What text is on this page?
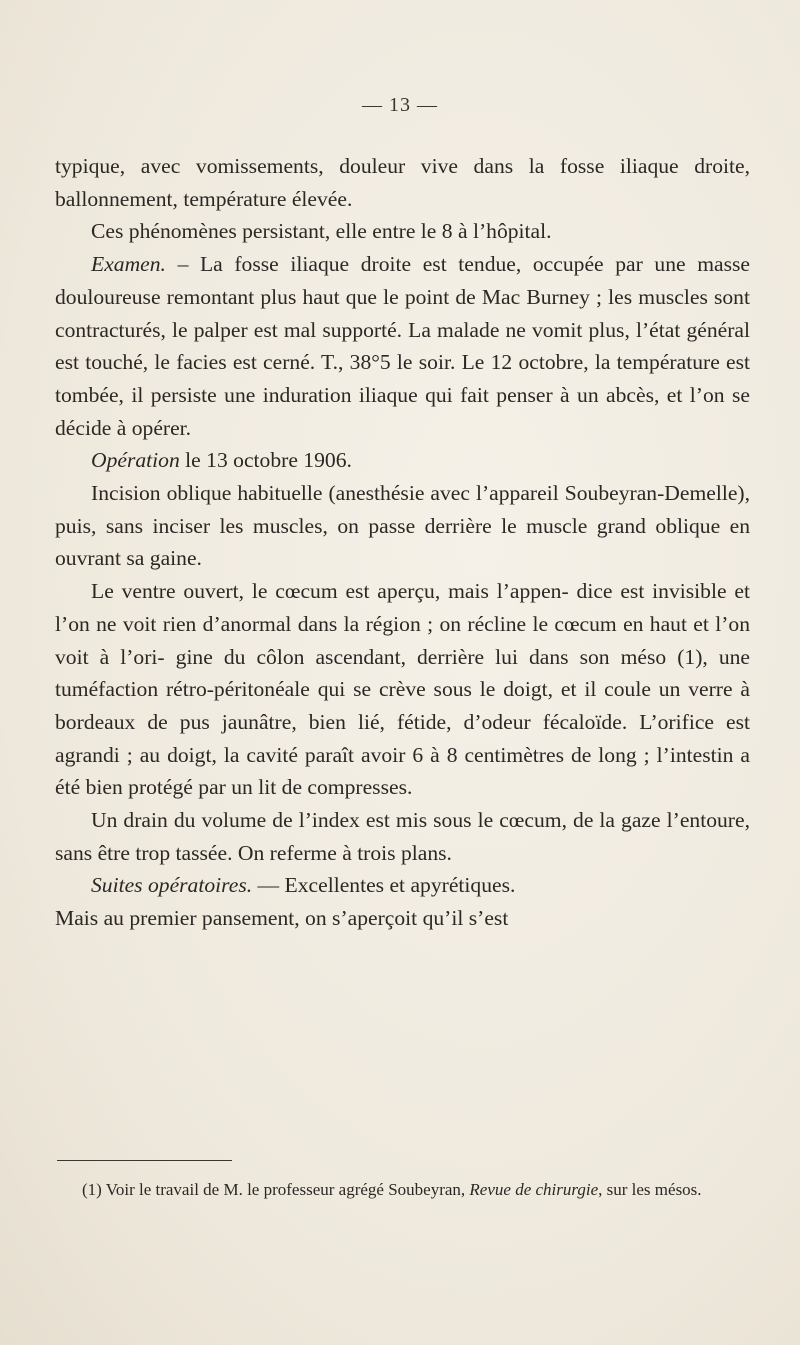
— 13 —

typique, avec vomissements, douleur vive dans la fosse iliaque droite, ballonnement, température élevée.

Ces phénomènes persistant, elle entre le 8 à l’hôpital.

Examen. – La fosse iliaque droite est tendue, occupée par une masse douloureuse remontant plus haut que le point de Mac Burney ; les muscles sont contracturés, le palper est mal supporté. La malade ne vomit plus, l’état général est touché, le facies est cerné. T., 38°5 le soir. Le 12 octobre, la température est tombée, il persiste une induration iliaque qui fait penser à un abcès, et l’on se décide à opérer.

Opération le 13 octobre 1906.

Incision oblique habituelle (anesthésie avec l’appareil Soubeyran-Demelle), puis, sans inciser les muscles, on passe derrière le muscle grand oblique en ouvrant sa gaine.

Le ventre ouvert, le cœcum est aperçu, mais l’appen- dice est invisible et l’on ne voit rien d’anormal dans la région ; on récline le cœcum en haut et l’on voit à l’ori- gine du côlon ascendant, derrière lui dans son méso (1), une tuméfaction rétro-péritonéale qui se crève sous le doigt, et il coule un verre à bordeaux de pus jaunâtre, bien lié, fétide, d’odeur fécaloïde. L’orifice est agrandi ; au doigt, la cavité paraît avoir 6 à 8 centimètres de long ; l’intestin a été bien protégé par un lit de compresses.

Un drain du volume de l’index est mis sous le cœcum, de la gaze l’entoure, sans être trop tassée. On referme à trois plans.

Suites opératoires. — Excellentes et apyrétiques.

Mais au premier pansement, on s’aperçoit qu’il s’est

(1) Voir le travail de M. le professeur agrégé Soubeyran, Revue de chirurgie, sur les mésos.
